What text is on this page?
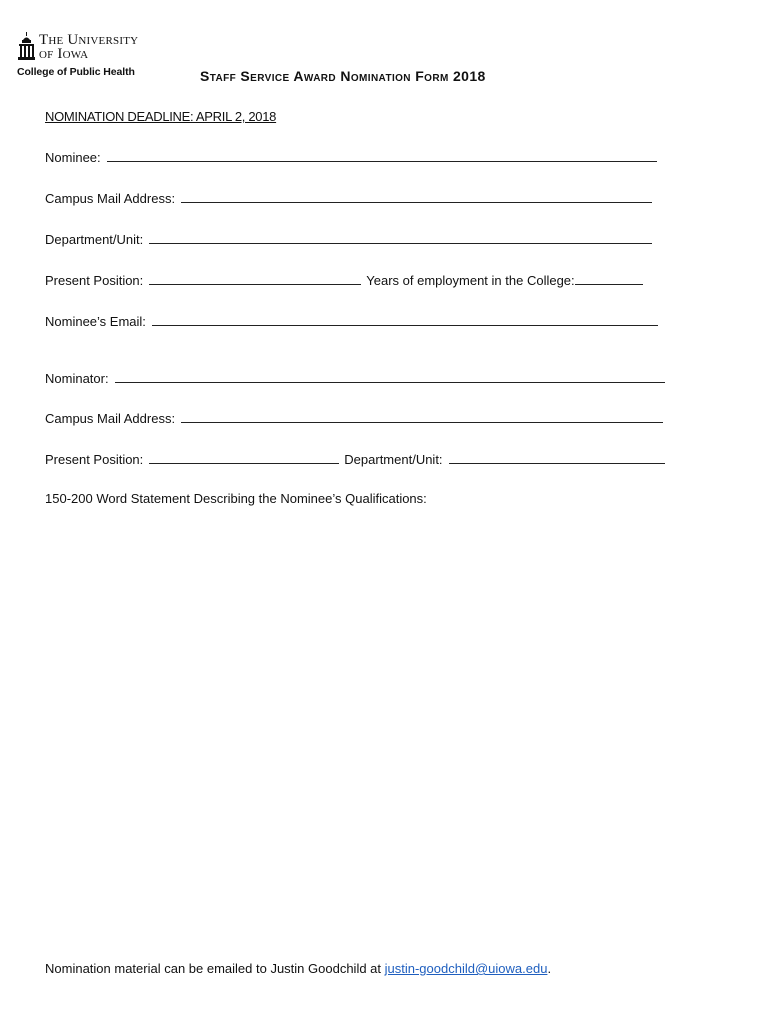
The University
of Iowa
College of Public Health	Staff Service Award Nomination Form 2018
NOMINATION DEADLINE: APRIL 2, 2018
Nominee:
Campus Mail Address:
Department/Unit:
Present Position:	Years of employment in the College:
Nominee’s Email:
Nominator:
Campus Mail Address:
Present Position:	Department/Unit:
150-200 Word Statement Describing the Nominee’s Qualifications:
Nomination material can be emailed to Justin Goodchild at justin-goodchild@uiowa.edu.
